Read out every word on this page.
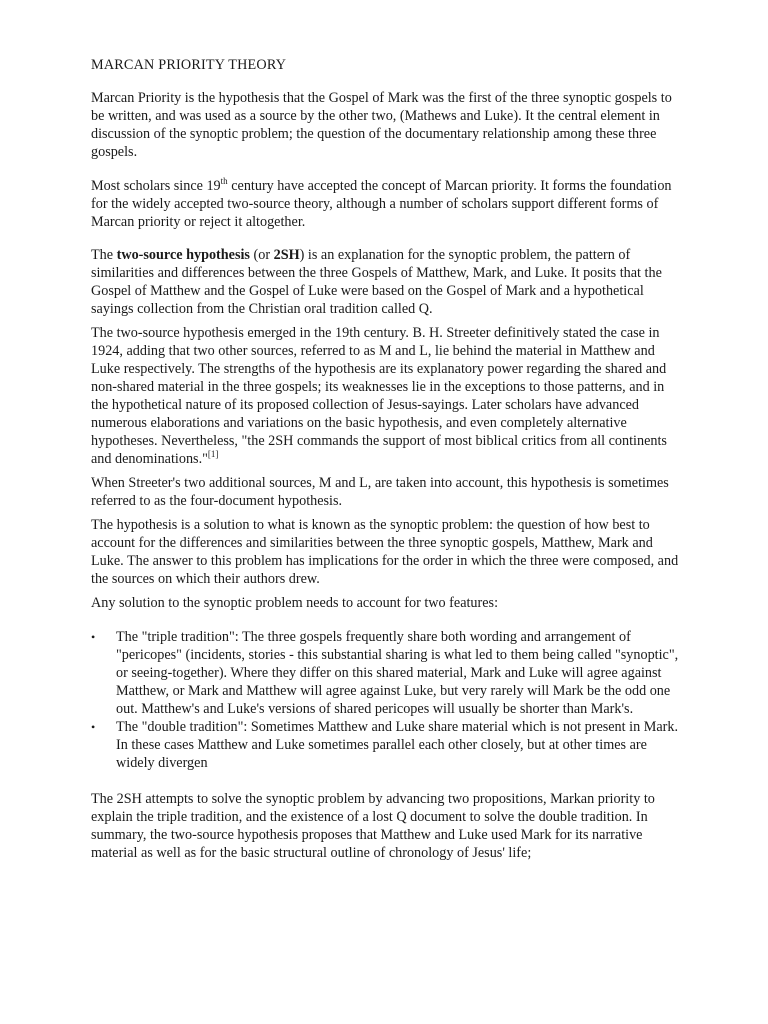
MARCAN PRIORITY THEORY

Marcan Priority is the hypothesis that the Gospel of Mark was the first of the three synoptic gospels to be written, and was used as a source by the other two, (Mathews and Luke). It the central element in discussion of the synoptic problem; the question of the documentary relationship among these three gospels.

Most scholars since 19th century have accepted the concept of Marcan priority. It forms the foundation for the widely accepted two-source theory, although a number of scholars support different forms of Marcan priority or reject it altogether.

The two-source hypothesis (or 2SH) is an explanation for the synoptic problem, the pattern of similarities and differences between the three Gospels of Matthew, Mark, and Luke. It posits that the Gospel of Matthew and the Gospel of Luke were based on the Gospel of Mark and a hypothetical sayings collection from the Christian oral tradition called Q.

The two-source hypothesis emerged in the 19th century. B. H. Streeter definitively stated the case in 1924, adding that two other sources, referred to as M and L, lie behind the material in Matthew and Luke respectively. The strengths of the hypothesis are its explanatory power regarding the shared and non-shared material in the three gospels; its weaknesses lie in the exceptions to those patterns, and in the hypothetical nature of its proposed collection of Jesus-sayings. Later scholars have advanced numerous elaborations and variations on the basic hypothesis, and even completely alternative hypotheses. Nevertheless, "the 2SH commands the support of most biblical critics from all continents and denominations."[1]

When Streeter's two additional sources, M and L, are taken into account, this hypothesis is sometimes referred to as the four-document hypothesis.

The hypothesis is a solution to what is known as the synoptic problem: the question of how best to account for the differences and similarities between the three synoptic gospels, Matthew, Mark and Luke. The answer to this problem has implications for the order in which the three were composed, and the sources on which their authors drew.

Any solution to the synoptic problem needs to account for two features:

• The "triple tradition": The three gospels frequently share both wording and arrangement of "pericopes" (incidents, stories - this substantial sharing is what led to them being called "synoptic", or seeing-together). Where they differ on this shared material, Mark and Luke will agree against Matthew, or Mark and Matthew will agree against Luke, but very rarely will Mark be the odd one out. Matthew's and Luke's versions of shared pericopes will usually be shorter than Mark's.
• The "double tradition": Sometimes Matthew and Luke share material which is not present in Mark. In these cases Matthew and Luke sometimes parallel each other closely, but at other times are widely divergen

The 2SH attempts to solve the synoptic problem by advancing two propositions, Markan priority to explain the triple tradition, and the existence of a lost Q document to solve the double tradition. In summary, the two-source hypothesis proposes that Matthew and Luke used Mark for its narrative material as well as for the basic structural outline of chronology of Jesus' life;
